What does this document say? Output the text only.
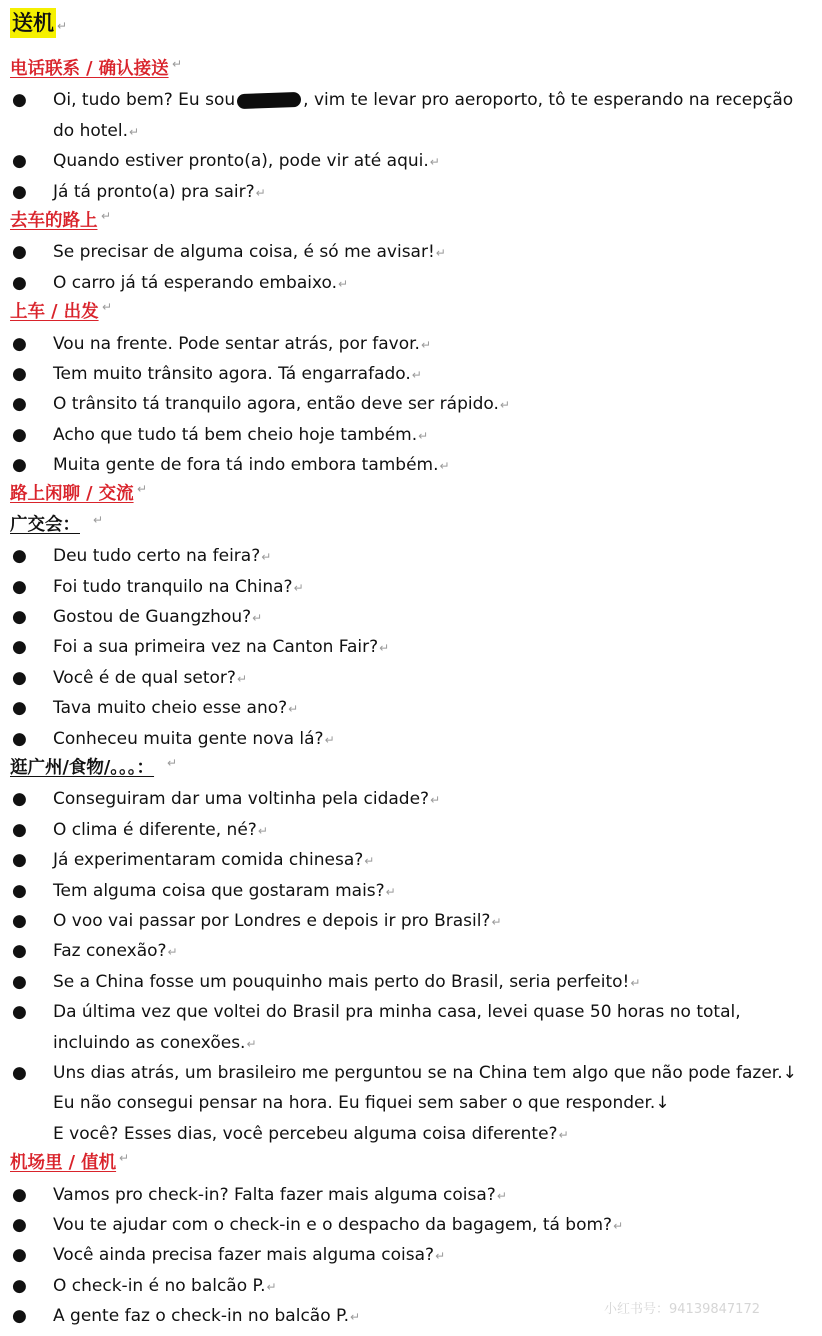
送机 ↵
电话联系 / 确认接送 ↵
● Oi, tudo bem? Eu sou	, vim te levar pro aeroporto, tô te esperando na recepção do hotel.↵
● Quando estiver pronto(a), pode vir até aqui.↵
● Já tá pronto(a) pra sair?↵
去车的路上 ↵
● Se precisar de alguma coisa, é só me avisar!↵
● O carro já tá esperando embaixo.↵
上车 / 出发 ↵
● Vou na frente. Pode sentar atrás, por favor.↵
● Tem muito trânsito agora. Tá engarrafado.↵
● O trânsito tá tranquilo agora, então deve ser rápido.↵
● Acho que tudo tá bem cheio hoje também.↵
● Muita gente de fora tá indo embora também.↵
路上闲聊 / 交流 ↵
广交会： ↵
● Deu tudo certo na feira?↵
● Foi tudo tranquilo na China?↵
● Gostou de Guangzhou?↵
● Foi a sua primeira vez na Canton Fair?↵
● Você é de qual setor?↵
● Tava muito cheio esse ano?↵
● Conheceu muita gente nova lá?↵
逛广州/食物/。。。： ↵
● Conseguiram dar uma voltinha pela cidade?↵
● O clima é diferente, né?↵
● Já experimentaram comida chinesa?↵
● Tem alguma coisa que gostaram mais?↵
● O voo vai passar por Londres e depois ir pro Brasil?↵
● Faz conexão?↵
● Se a China fosse um pouquinho mais perto do Brasil, seria perfeito!↵
● Da última vez que voltei do Brasil pra minha casa, levei quase 50 horas no total, incluindo as conexões.↵
● Uns dias atrás, um brasileiro me perguntou se na China tem algo que não pode fazer.↓
Eu não consegui pensar na hora. Eu fiquei sem saber o que responder.↓
E você? Esses dias, você percebeu alguma coisa diferente?↵
机场里 / 值机 ↵
● Vamos pro check-in? Falta fazer mais alguma coisa?↵
● Vou te ajudar com o check-in e o despacho da bagagem, tá bom?↵
● Você ainda precisa fazer mais alguma coisa?↵
● O check-in é no balcão P.↵
● A gente faz o check-in no balcão P.↵
小红书号：94139847172
